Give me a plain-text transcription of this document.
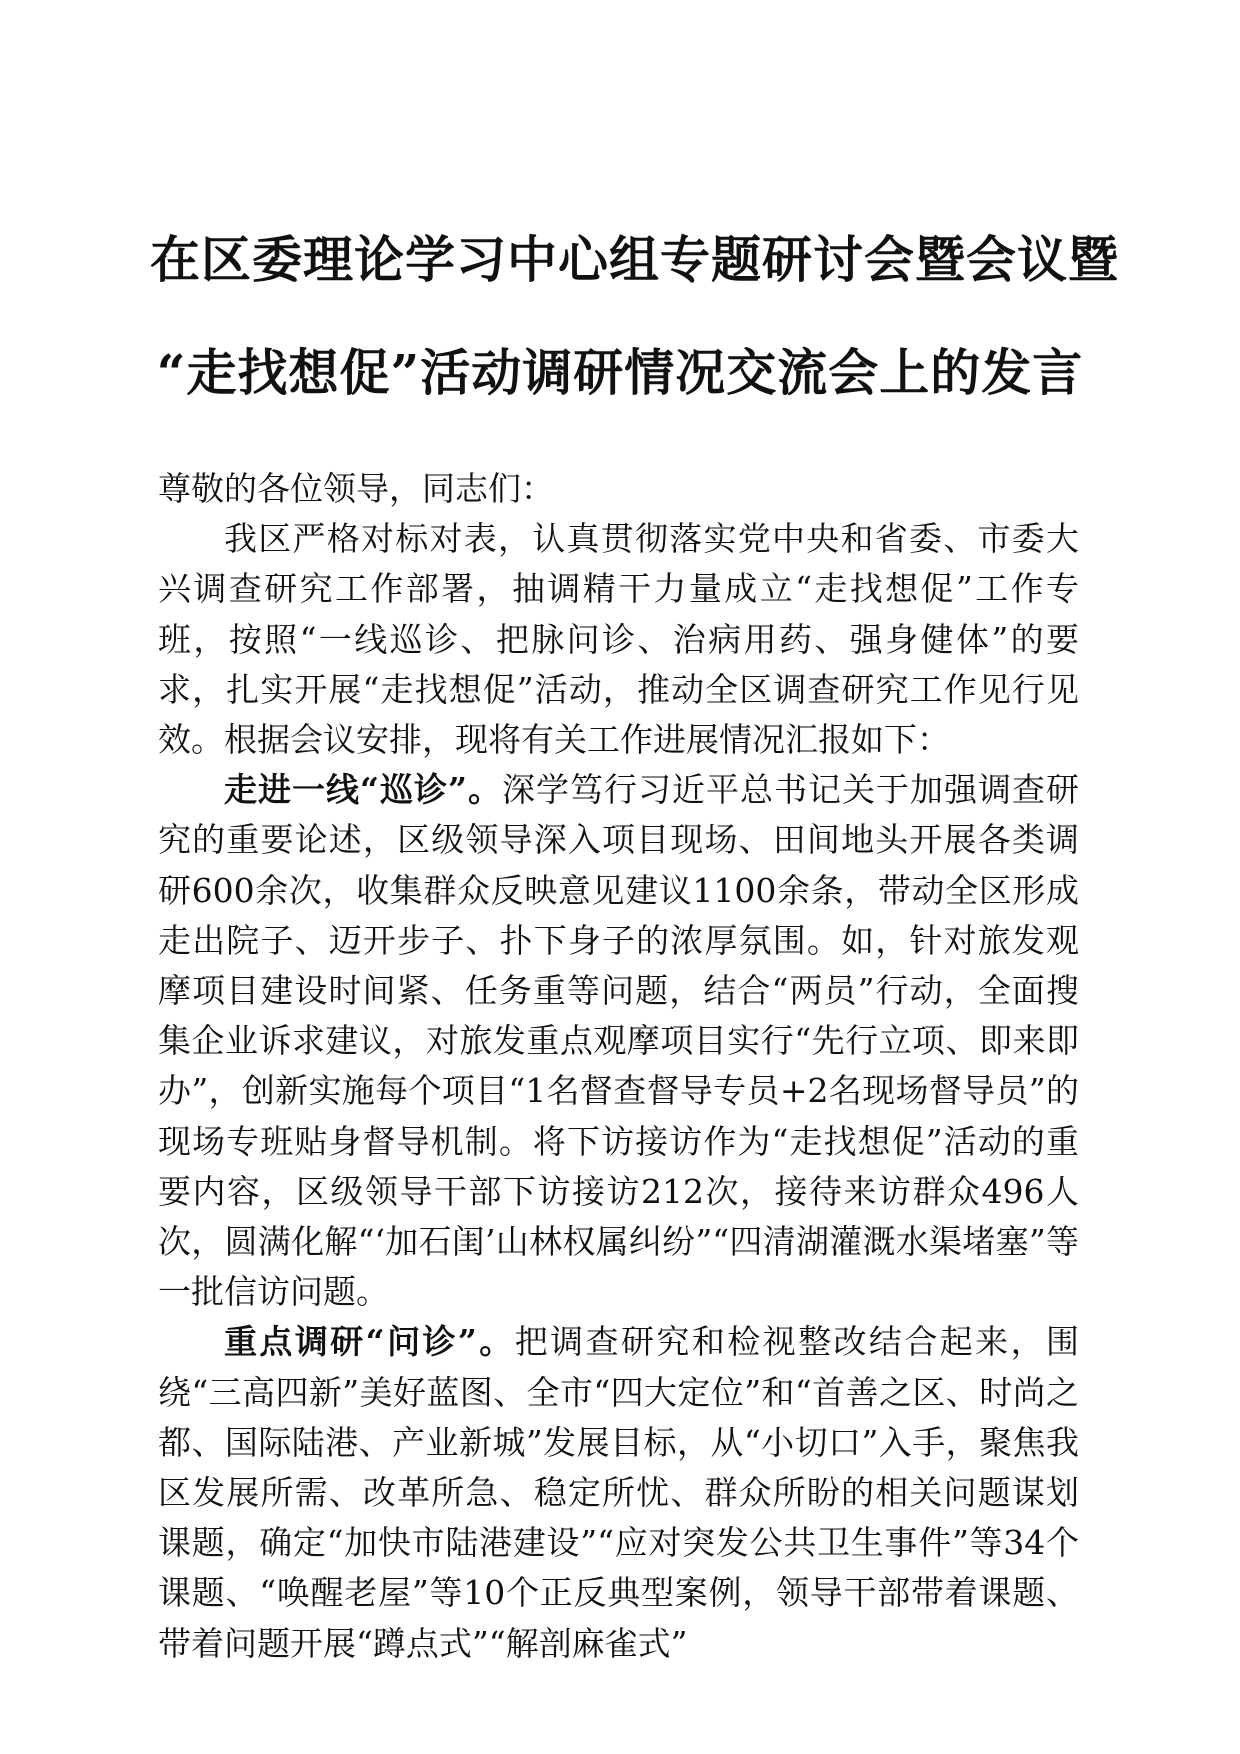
在区委理论学习中心组专题研讨会暨会议暨
“走找想促”活动调研情况交流会上的发言

尊敬的各位领导，同志们：

我区严格对标对表，认真贯彻落实党中央和省委、市委大兴调查研究工作部署，抽调精干力量成立“走找想促”工作专班，按照“一线巡诊、把脉问诊、治病用药、强身健体”的要求，扎实开展“走找想促”活动，推动全区调查研究工作见行见效。根据会议安排，现将有关工作进展情况汇报如下：

走进一线“巡诊”。深学笃行习近平总书记关于加强调查研究的重要论述，区级领导深入项目现场、田间地头开展各类调研600余次，收集群众反映意见建议1100余条，带动全区形成走出院子、迈开步子、扑下身子的浓厚氛围。如，针对旅发观摩项目建设时间紧、任务重等问题，结合“两员”行动，全面搜集企业诉求建议，对旅发重点观摩项目实行“先行立项、即来即办”，创新实施每个项目“1名督查督导专员+2名现场督导员”的现场专班贴身督导机制。将下访接访作为“走找想促”活动的重要内容，区级领导干部下访接访212次，接待来访群众496人次，圆满化解“‘加石闺’山林权属纠纷”“四清湖灌溉水渠堵塞”等一批信访问题。

重点调研“问诊”。把调查研究和检视整改结合起来，围绕“三高四新”美好蓝图、全市“四大定位”和“首善之区、时尚之都、国际陆港、产业新城”发展目标，从“小切口”入手，聚焦我区发展所需、改革所急、稳定所忧、群众所盼的相关问题谋划课题，确定“加快市陆港建设”“应对突发公共卫生事件”等34个课题、“唤醒老屋”等10个正反典型案例，领导干部带着课题、带着问题开展“蹲点式”“解剖麻雀式”
